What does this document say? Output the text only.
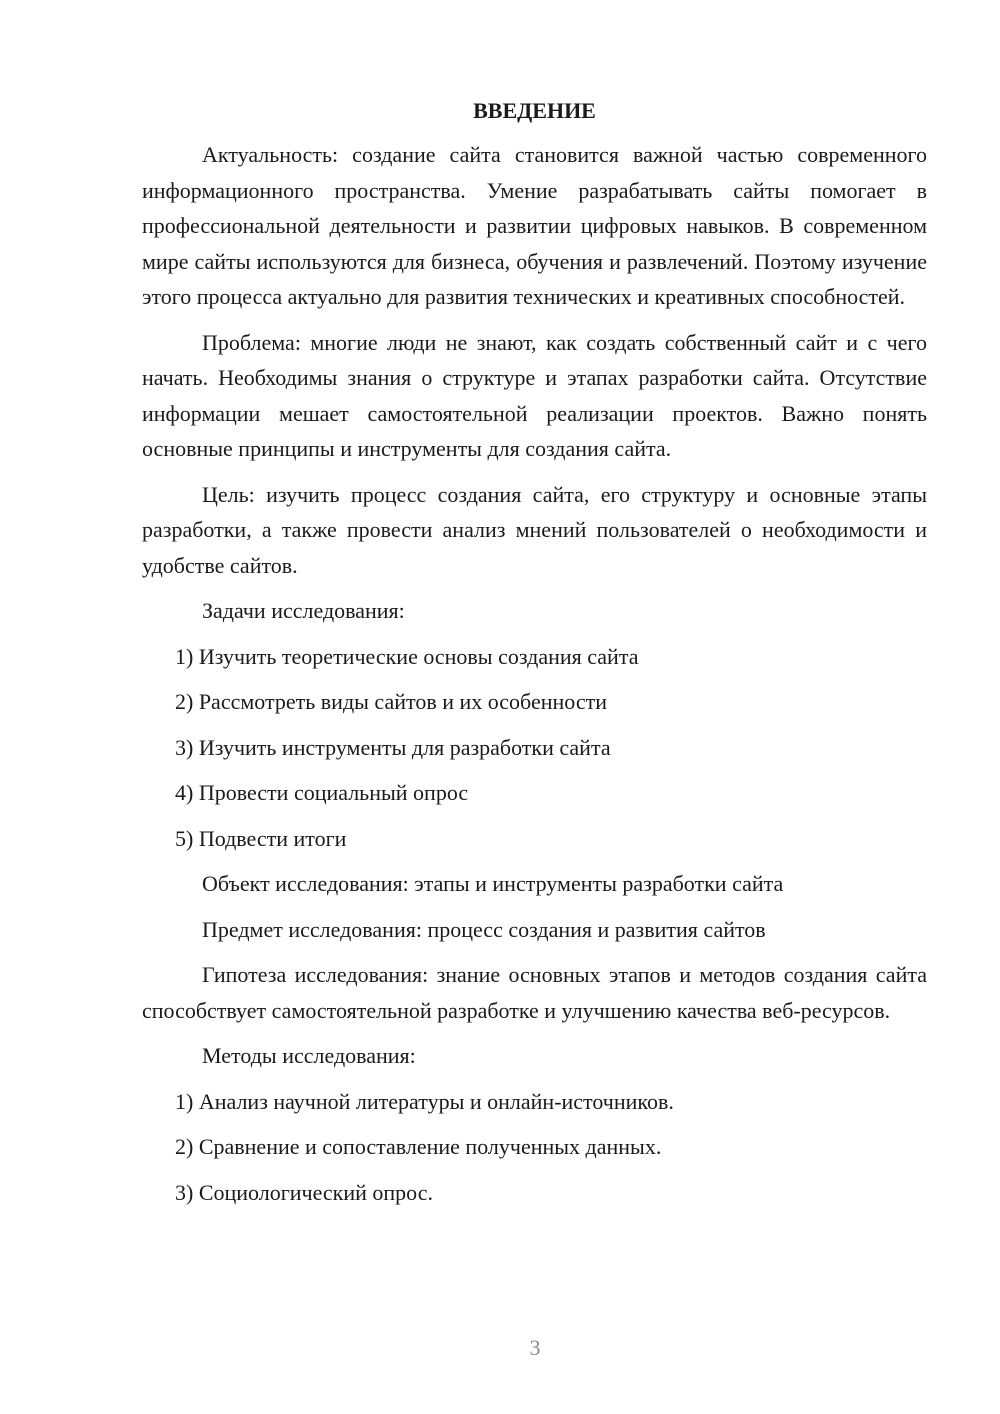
ВВЕДЕНИЕ

Актуальность: создание сайта становится важной частью современного информационного пространства. Умение разрабатывать сайты помогает в профессиональной деятельности и развитии цифровых навыков. В современном мире сайты используются для бизнеса, обучения и развлечений. Поэтому изучение этого процесса актуально для развития технических и креативных способностей.

Проблема: многие люди не знают, как создать собственный сайт и с чего начать. Необходимы знания о структуре и этапах разработки сайта. Отсутствие информации мешает самостоятельной реализации проектов. Важно понять основные принципы и инструменты для создания сайта.

Цель: изучить процесс создания сайта, его структуру и основные этапы разработки, а также провести анализ мнений пользователей о необходимости и удобстве сайтов.

Задачи исследования:

1) Изучить теоретические основы создания сайта

2) Рассмотреть виды сайтов и их особенности

3) Изучить инструменты для разработки сайта

4) Провести социальный опрос

5) Подвести итоги

Объект исследования: этапы и инструменты разработки сайта

Предмет исследования: процесс создания и развития сайтов

Гипотеза исследования: знание основных этапов и методов создания сайта способствует самостоятельной разработке и улучшению качества веб-ресурсов.

Методы исследования:

1) Анализ научной литературы и онлайн-источников.

2) Сравнение и сопоставление полученных данных.

3) Социологический опрос.

3
